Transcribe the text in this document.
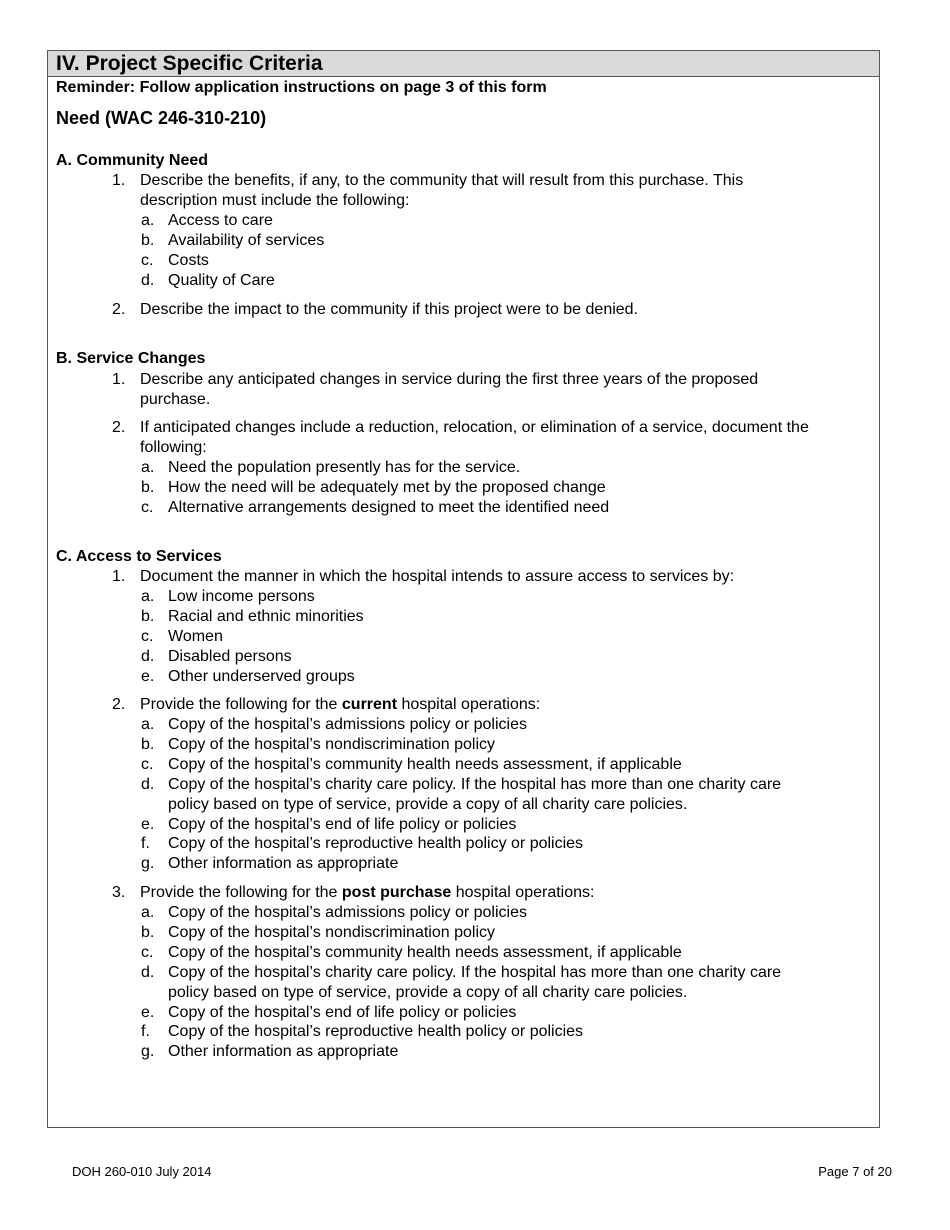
IV. Project Specific Criteria
Reminder: Follow application instructions on page 3 of this form
Need (WAC 246-310-210)
A. Community Need
1. Describe the benefits, if any, to the community that will result from this purchase. This
description must include the following:
a. Access to care
b. Availability of services
c. Costs
d. Quality of Care
2. Describe the impact to the community if this project were to be denied.
B. Service Changes
1. Describe any anticipated changes in service during the first three years of the proposed
purchase.
2. If anticipated changes include a reduction, relocation, or elimination of a service, document the
following:
a. Need the population presently has for the service.
b. How the need will be adequately met by the proposed change
c. Alternative arrangements designed to meet the identified need
C. Access to Services
1. Document the manner in which the hospital intends to assure access to services by:
a. Low income persons
b. Racial and ethnic minorities
c. Women
d. Disabled persons
e. Other underserved groups
2. Provide the following for the current hospital operations:
a. Copy of the hospital’s admissions policy or policies
b. Copy of the hospital’s nondiscrimination policy
c. Copy of the hospital’s community health needs assessment, if applicable
d. Copy of the hospital’s charity care policy. If the hospital has more than one charity care
policy based on type of service, provide a copy of all charity care policies.
e. Copy of the hospital’s end of life policy or policies
f. Copy of the hospital’s reproductive health policy or policies
g. Other information as appropriate
3. Provide the following for the post purchase hospital operations:
a. Copy of the hospital’s admissions policy or policies
b. Copy of the hospital’s nondiscrimination policy
c. Copy of the hospital’s community health needs assessment, if applicable
d. Copy of the hospital’s charity care policy. If the hospital has more than one charity care
policy based on type of service, provide a copy of all charity care policies.
e. Copy of the hospital’s end of life policy or policies
f. Copy of the hospital’s reproductive health policy or policies
g. Other information as appropriate
DOH 260-010 July 2014	Page 7 of 20
